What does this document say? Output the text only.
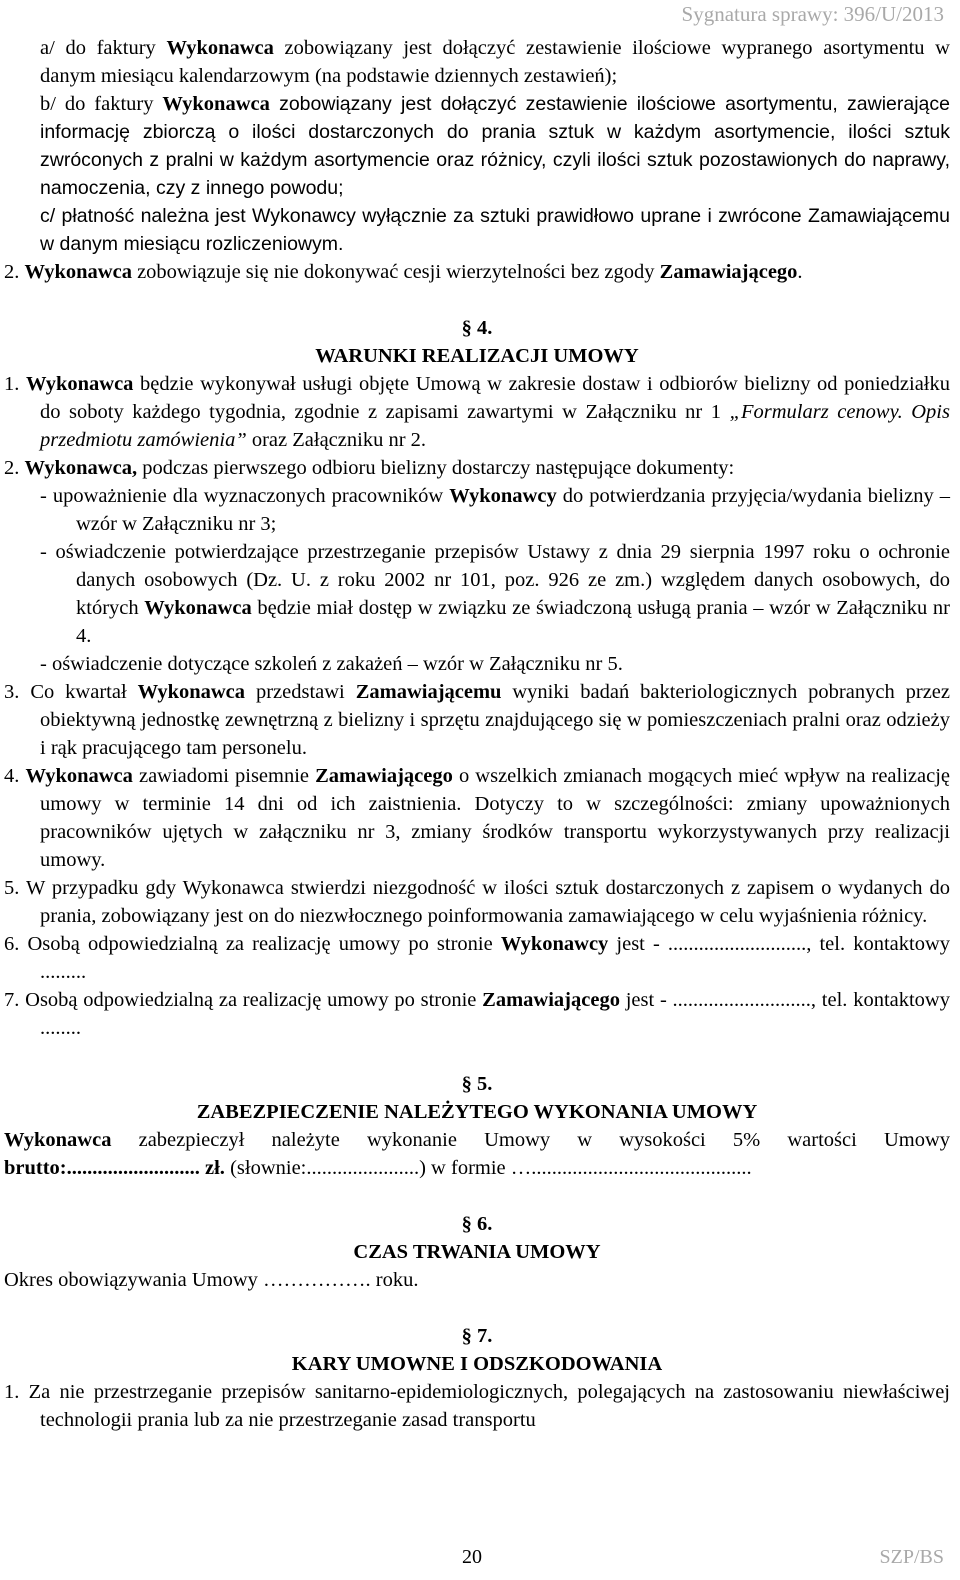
Sygnatura sprawy: 396/U/2013

a/ do faktury Wykonawca zobowiązany jest dołączyć zestawienie ilościowe wypranego asortymentu w danym miesiącu kalendarzowym (na podstawie dziennych zestawień);

b/ do faktury Wykonawca zobowiązany jest dołączyć zestawienie ilościowe asortymentu, zawierające informację zbiorczą o ilości dostarczonych do prania sztuk w każdym asortymencie, ilości sztuk zwróconych z pralni w każdym asortymencie oraz różnicy, czyli ilości sztuk pozostawionych do naprawy, namoczenia, czy z innego powodu;

c/ płatność należna jest Wykonawcy wyłącznie za sztuki prawidłowo uprane i zwrócone Zamawiającemu w danym miesiącu rozliczeniowym.

2. Wykonawca zobowiązuje się nie dokonywać cesji wierzytelności bez zgody Zamawiającego.

§ 4.

WARUNKI REALIZACJI UMOWY

1. Wykonawca będzie wykonywał usługi objęte Umową w zakresie dostaw i odbiorów bielizny od poniedziałku do soboty każdego tygodnia, zgodnie z zapisami zawartymi w Załączniku nr 1 „Formularz cenowy. Opis przedmiotu zamówienia” oraz Załączniku nr 2.

2. Wykonawca, podczas pierwszego odbioru bielizny dostarczy następujące dokumenty:

- upoważnienie dla wyznaczonych pracowników Wykonawcy do potwierdzania przyjęcia/wydania bielizny – wzór w Załączniku nr 3;

- oświadczenie potwierdzające przestrzeganie przepisów Ustawy z dnia 29 sierpnia 1997 roku o ochronie danych osobowych (Dz. U. z roku 2002 nr 101, poz. 926 ze zm.) względem danych osobowych, do których Wykonawca będzie miał dostęp w związku ze świadczoną usługą prania – wzór w Załączniku nr 4.

- oświadczenie dotyczące szkoleń z zakażeń – wzór w Załączniku nr 5.

3. Co kwartał Wykonawca przedstawi Zamawiającemu wyniki badań bakteriologicznych pobranych przez obiektywną jednostkę zewnętrzną z bielizny i sprzętu znajdującego się w pomieszczeniach pralni oraz odzieży i rąk pracującego tam personelu.

4. Wykonawca zawiadomi pisemnie Zamawiającego o wszelkich zmianach mogących mieć wpływ na realizację umowy w terminie 14 dni od ich zaistnienia. Dotyczy to w szczególności: zmiany upoważnionych pracowników ujętych w załączniku nr 3, zmiany środków transportu wykorzystywanych przy realizacji umowy.

5. W przypadku gdy Wykonawca stwierdzi niezgodność w ilości sztuk dostarczonych z zapisem o wydanych do prania, zobowiązany jest on do niezwłocznego poinformowania zamawiającego w celu wyjaśnienia różnicy.

6. Osobą odpowiedzialną za realizację umowy po stronie Wykonawcy jest - ..........................., tel. kontaktowy .........

7. Osobą odpowiedzialną za realizację umowy po stronie Zamawiającego jest - ..........................., tel. kontaktowy ........

§ 5.

ZABEZPIECZENIE NALEŻYTEGO WYKONANIA UMOWY

Wykonawca zabezpieczył należyte wykonanie Umowy w wysokości 5% wartości Umowy brutto:.......................... zł. (słownie:......................) w formie …...........................................

§ 6.

CZAS TRWANIA UMOWY

Okres obowiązywania Umowy ……………. roku.

§ 7.

KARY UMOWNE I ODSZKODOWANIA

1. Za nie przestrzeganie przepisów sanitarno-epidemiologicznych, polegających na zastosowaniu niewłaściwej technologii prania lub za nie przestrzeganie zasad transportu

20	SZP/BS
